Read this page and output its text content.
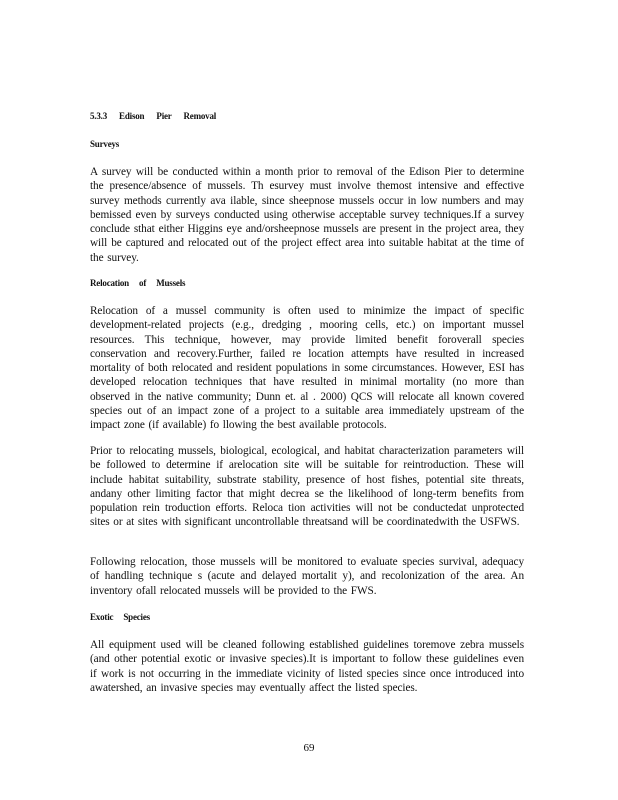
5.3.3 Edison Pier Removal
Surveys

A survey will be conducted within a month prior to removal of the Edison Pier to determine the presence/absence of mussels. Th esurvey must involve themost intensive and effective survey methods currently ava ilable, since sheepnose mussels occur in low numbers and may bemissed even by surveys conducted using otherwise acceptable survey techniques.If a survey conclude sthat either Higgins eye and/orsheepnose mussels are present in the project area, they will be captured and relocated out of the project effect area into suitable habitat at the time of the survey.

Relocation of Mussels

Relocation of a mussel community is often used to minimize the impact of specific development-related projects (e.g., dredging , mooring cells, etc.) on important mussel resources. This technique, however, may provide limited benefit foroverall species conservation and recovery.Further, failed re location attempts have resulted in increased mortality of both relocated and resident populations in some circumstances. However, ESI has developed relocation techniques that have resulted in minimal mortality (no more than observed in the native community; Dunn et. al . 2000) QCS will relocate all known covered species out of an impact zone of a project to a suitable area immediately upstream of the impact zone (if available) fo llowing the best available protocols.

Prior to relocating mussels, biological, ecological, and habitat characterization parameters will be followed to determine if arelocation site will be suitable for reintroduction. These will include habitat suitability, substrate stability, presence of host fishes, potential site threats, andany other limiting factor that might decrea se the likelihood of long-term benefits from population rein troduction efforts. Reloca tion activities will not be conductedat unprotected sites or at sites with significant uncontrollable threatsand will be coordinatedwith the USFWS.

Following relocation, those mussels will be monitored to evaluate species survival, adequacy of handling technique s (acute and delayed mortalit y), and recolonization of the area. An inventory ofall relocated mussels will be provided to the FWS.

Exotic Species

All equipment used will be cleaned following established guidelines toremove zebra mussels (and other potential exotic or invasive species).It is important to follow these guidelines even if work is not occurring in the immediate vicinity of listed species since once introduced into awatershed, an invasive species may eventually affect the listed species.

69
